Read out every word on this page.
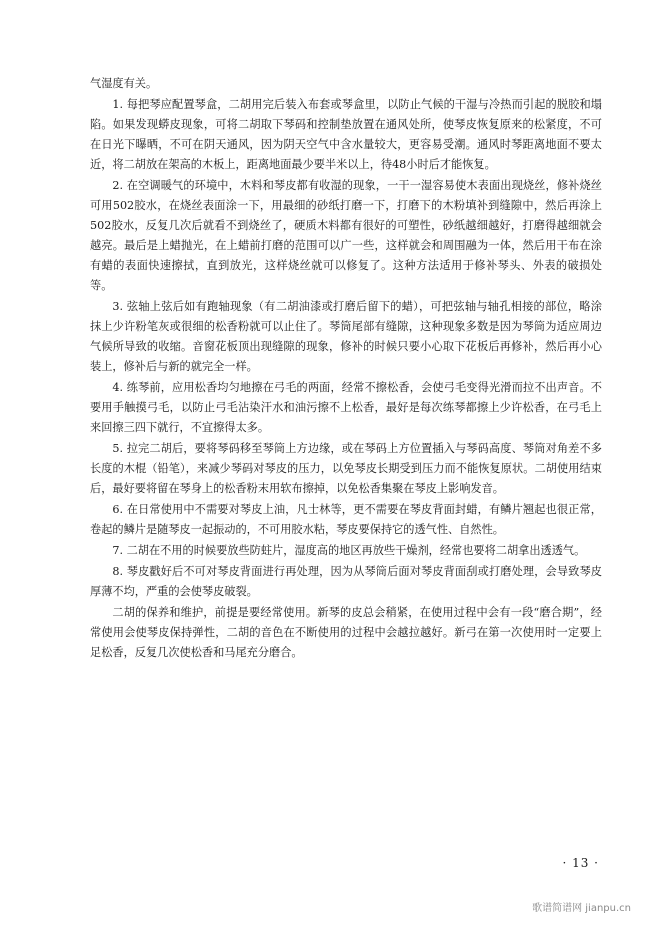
气湿度有关。

1. 每把琴应配置琴盒，二胡用完后装入布套或琴盒里，以防止气候的干湿与冷热而引起的脱胶和塌陷。如果发现蟒皮现象，可将二胡取下琴码和控制垫放置在通风处所，使琴皮恢复原来的松紧度，不可在日光下曝晒，不可在阴天通风，因为阴天空气中含水量较大，更容易受潮。通风时琴距离地面不要太近，将二胡放在架高的木板上，距离地面最少要半米以上，待48小时后才能恢复。

2. 在空调暖气的环境中，木料和琴皮都有收湿的现象，一干一湿容易使木表面出现烧丝，修补烧丝可用502胶水，在烧丝表面涂一下，用最细的砂纸打磨一下，打磨下的木粉填补到缝隙中，然后再涂上502胶水，反复几次后就看不到烧丝了，硬质木料都有很好的可塑性，砂纸越细越好，打磨得越细就会越亮。最后是上蜡抛光，在上蜡前打磨的范围可以广一些，这样就会和周围融为一体，然后用干布在涂有蜡的表面快速擦拭，直到放光，这样烧丝就可以修复了。这种方法适用于修补琴头、外表的破损处等。

3. 弦轴上弦后如有跑轴现象（有二胡油漆或打磨后留下的蜡），可把弦轴与轴孔相接的部位，略涂抹上少许粉笔灰或很细的松香粉就可以止住了。琴筒尾部有缝隙，这种现象多数是因为琴筒为适应周边气候所导致的收缩。音窗花板顶出现缝隙的现象，修补的时候只要小心取下花板后再修补，然后再小心装上，修补后与新的就完全一样。

4. 练琴前，应用松香均匀地擦在弓毛的两面，经常不擦松香，会使弓毛变得光滑而拉不出声音。不要用手触摸弓毛，以防止弓毛沾染汗水和油污擦不上松香，最好是每次练琴都擦上少许松香，在弓毛上来回擦三四下就行，不宜擦得太多。

5. 拉完二胡后，要将琴码移至琴筒上方边缘，或在琴码上方位置插入与琴码高度、琴筒对角差不多长度的木棍（铅笔），来减少琴码对琴皮的压力，以免琴皮长期受到压力而不能恢复原状。二胡使用结束后，最好要将留在琴身上的松香粉末用软布擦掉，以免松香集聚在琴皮上影响发音。

6. 在日常使用中不需要对琴皮上油，凡士林等，更不需要在琴皮背面封蜡，有鳞片翘起也很正常，卷起的鳞片是随琴皮一起振动的，不可用胶水粘，琴皮要保持它的透气性、自然性。

7. 二胡在不用的时候要放些防蛀片，湿度高的地区再放些干燥剂，经常也要将二胡拿出透透气。

8. 琴皮戳好后不可对琴皮背面进行再处理，因为从琴筒后面对琴皮背面刮或打磨处理，会导致琴皮厚薄不均，严重的会使琴皮破裂。

二胡的保养和维护，前提是要经常使用。新琴的皮总会稍紧，在使用过程中会有一段“磨合期”，经常使用会使琴皮保持弹性，二胡的音色在不断使用的过程中会越拉越好。新弓在第一次使用时一定要上足松香，反复几次使松香和马尾充分磨合。

· 13 ·
歌谱简谱网 jianpu.cn
